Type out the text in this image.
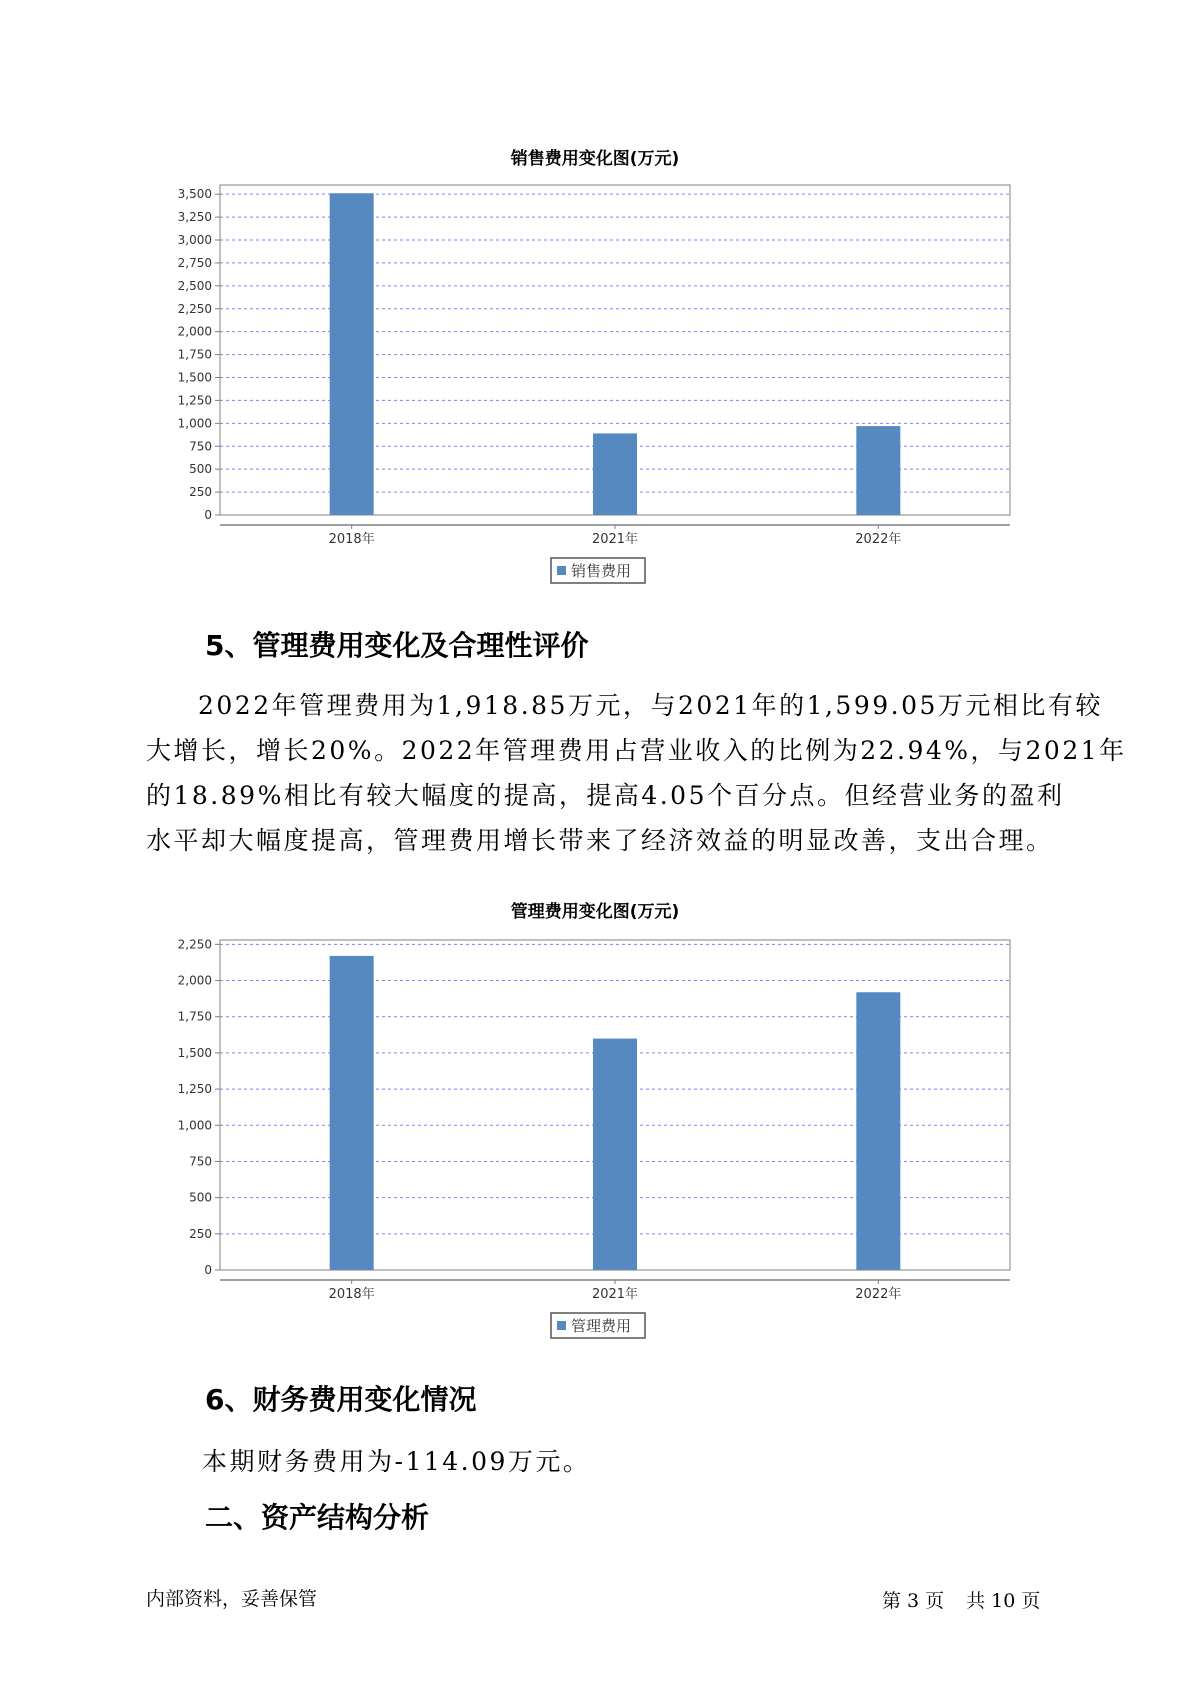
销售费用变化图(万元)
0
250
500
750
1,000
1,250
1,500
1,750
2,000
2,250
2,500
2,750
3,000
3,250
3,500
2018年	2021年	2022年
销售费用
5、管理费用变化及合理性评价
2022年管理费用为1,918.85万元，与2021年的1,599.05万元相比有较
大增长，增长20%。2022年管理费用占营业收入的比例为22.94%，与2021年
的18.89%相比有较大幅度的提高，提高4.05个百分点。但经营业务的盈利
水平却大幅度提高，管理费用增长带来了经济效益的明显改善，支出合理。
管理费用变化图(万元)
0
250
500
750
1,000
1,250
1,500
1,750
2,000
2,250
2018年	2021年	2022年
管理费用
6、财务费用变化情况
本期财务费用为-114.09万元。
二、资产结构分析
内部资料，妥善保管	第 3 页 共 10 页
